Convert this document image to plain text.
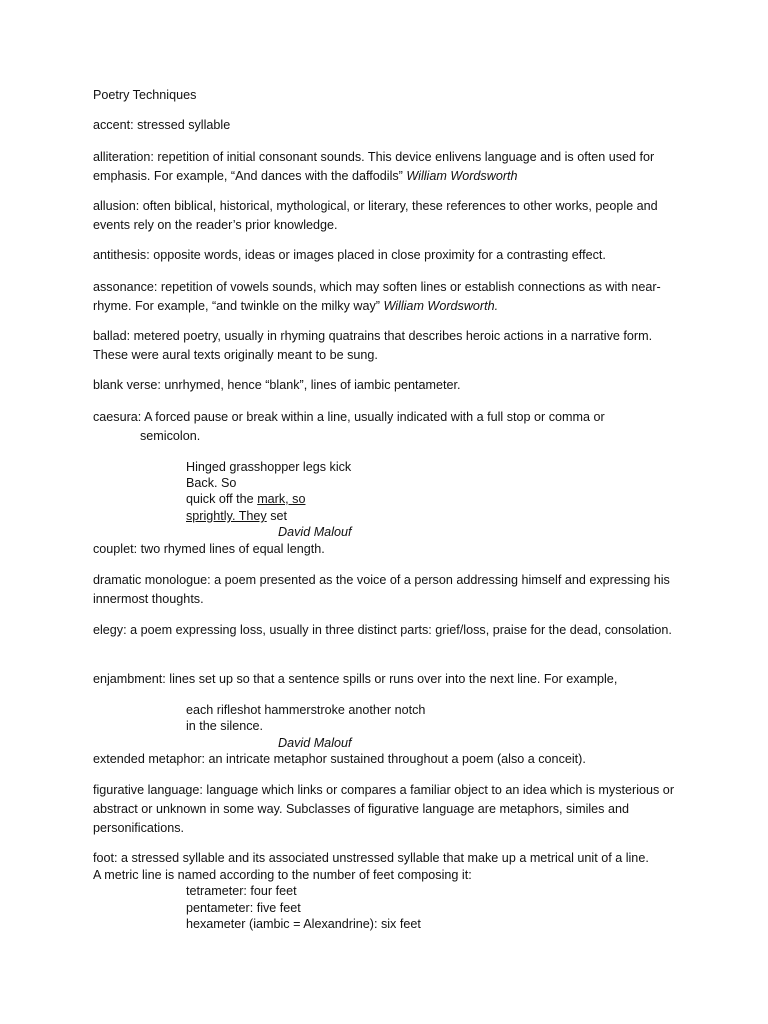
Poetry Techniques
accent: stressed syllable

alliteration: repetition of initial consonant sounds. This device enlivens language and is often used for emphasis. For example, “And dances with the daffodils” William Wordsworth

allusion: often biblical, historical, mythological, or literary, these references to other works, people and events rely on the reader’s prior knowledge.

antithesis: opposite words, ideas or images placed in close proximity for a contrasting effect.

assonance: repetition of vowels sounds, which may soften lines or establish connections as with near-rhyme. For example, “and twinkle on the milky way” William Wordsworth.

ballad: metered poetry, usually in rhyming quatrains that describes heroic actions in a narrative form. These were aural texts originally meant to be sung.

blank verse: unrhymed, hence “blank”, lines of iambic pentameter.
caesura: A forced pause or break within a line, usually indicated with a full stop or comma or
semicolon.
Hinged grasshopper legs kick
Back. So
quick off the mark, so
sprightly. They set
David Malouf
couplet: two rhymed lines of equal length.

dramatic monologue: a poem presented as the voice of a person addressing himself and expressing his innermost thoughts.

elegy: a poem expressing loss, usually in three distinct parts: grief/loss, praise for the dead, consolation.

enjambment: lines set up so that a sentence spills or runs over into the next line. For example,
each rifleshot hammerstroke another notch
in the silence.
David Malouf
extended metaphor: an intricate metaphor sustained throughout a poem (also a conceit).

figurative language: language which links or compares a familiar object to an idea which is mysterious or abstract or unknown in some way. Subclasses of figurative language are metaphors, similes and personifications.

foot: a stressed syllable and its associated unstressed syllable that make up a metrical unit of a line.
A metric line is named according to the number of feet composing it:
tetrameter: four feet
pentameter: five feet
hexameter (iambic = Alexandrine): six feet
